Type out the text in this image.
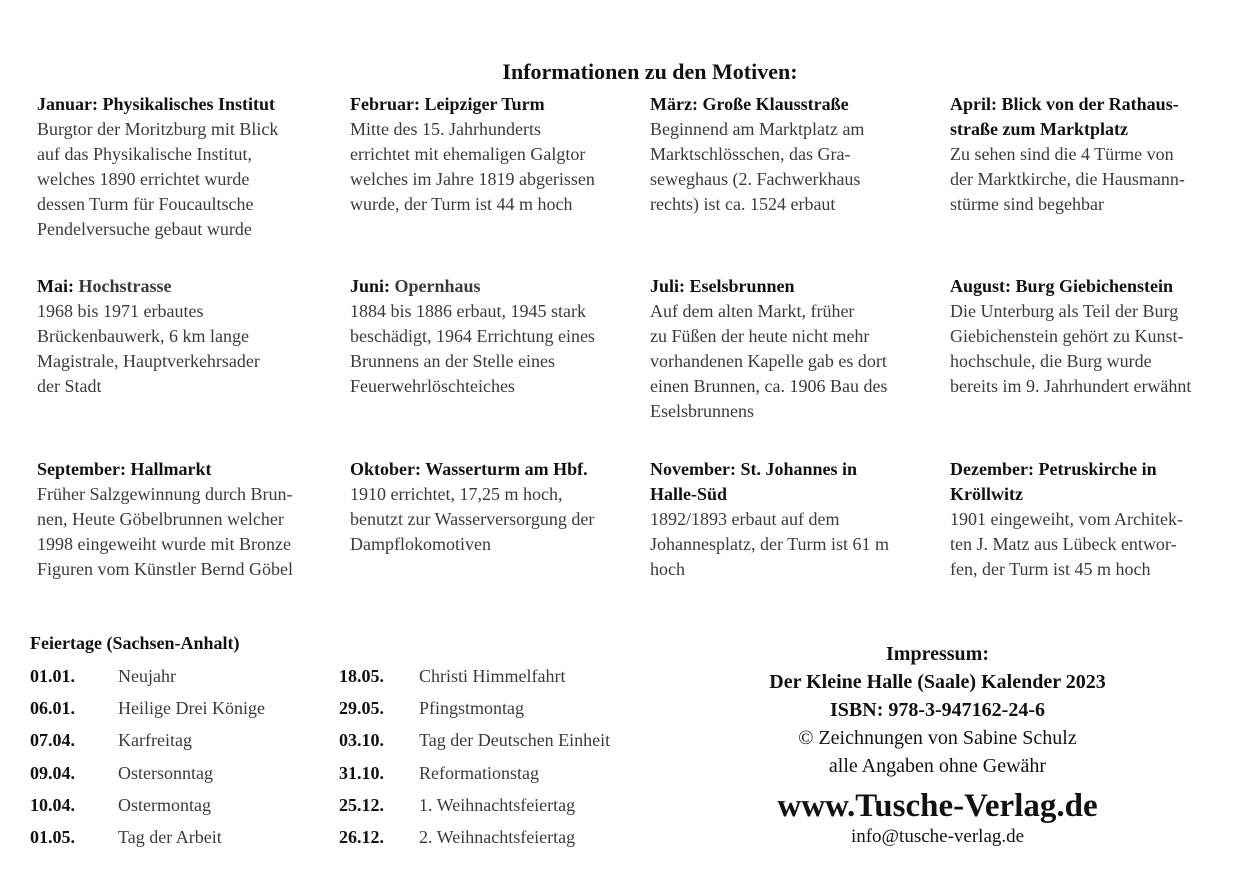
Informationen zu den Motiven:
Januar: Physikalisches Institut
Burgtor der Moritzburg mit Blick
auf das Physikalische Institut,
welches 1890 errichtet wurde
dessen Turm für Foucaultsche
Pendelversuche gebaut wurde
Februar: Leipziger Turm
Mitte des 15. Jahrhunderts
errichtet mit ehemaligen Galgtor
welches im Jahre 1819 abgerissen
wurde, der Turm ist 44 m hoch
März: Große Klausstraße
Beginnend am Marktplatz am
Marktschlösschen, das Gra-
seweghaus (2. Fachwerkhaus
rechts) ist ca. 1524 erbaut
April: Blick von der Rathaus-
straße zum Marktplatz
Zu sehen sind die 4 Türme von
der Marktkirche, die Hausmann-
stürme sind begehbar
Mai: Hochstrasse
1968 bis 1971 erbautes
Brückenbauwerk, 6 km lange
Magistrale, Hauptverkehrsader
der Stadt
Juni: Opernhaus
1884 bis 1886 erbaut, 1945 stark
beschädigt, 1964 Errichtung eines
Brunnens an der Stelle eines
Feuerwehrlöschteiches
Juli: Eselsbrunnen
Auf dem alten Markt, früher
zu Füßen der heute nicht mehr
vorhandenen Kapelle gab es dort
einen Brunnen, ca. 1906 Bau des
Eselsbrunnens
August: Burg Giebichenstein
Die Unterburg als Teil der Burg
Giebichenstein gehört zu Kunst-
hochschule, die Burg wurde
bereits im 9. Jahrhundert erwähnt
September: Hallmarkt
Früher Salzgewinnung durch Brun-
nen, Heute Göbelbrunnen welcher
1998 eingeweiht wurde mit Bronze
Figuren vom Künstler Bernd Göbel
Oktober: Wasserturm am Hbf.
1910 errichtet, 17,25 m hoch,
benutzt zur Wasserversorgung der
Dampflokomotiven
November: St. Johannes in
Halle-Süd
1892/1893 erbaut auf dem
Johannesplatz, der Turm ist 61 m
hoch
Dezember: Petruskirche in
Kröllwitz
1901 eingeweiht, vom Architek-
ten J. Matz aus Lübeck entwor-
fen, der Turm ist 45 m hoch
Feiertage (Sachsen-Anhalt)
01.01. Neujahr
06.01. Heilige Drei Könige
07.04. Karfreitag
09.04. Ostersonntag
10.04. Ostermontag
01.05. Tag der Arbeit
18.05. Christi Himmelfahrt
29.05. Pfingstmontag
03.10. Tag der Deutschen Einheit
31.10. Reformationstag
25.12. 1. Weihnachtsfeiertag
26.12. 2. Weihnachtsfeiertag
Impressum:
Der Kleine Halle (Saale) Kalender 2023
ISBN: 978-3-947162-24-6
© Zeichnungen von Sabine Schulz
alle Angaben ohne Gewähr
www.Tusche-Verlag.de
info@tusche-verlag.de
